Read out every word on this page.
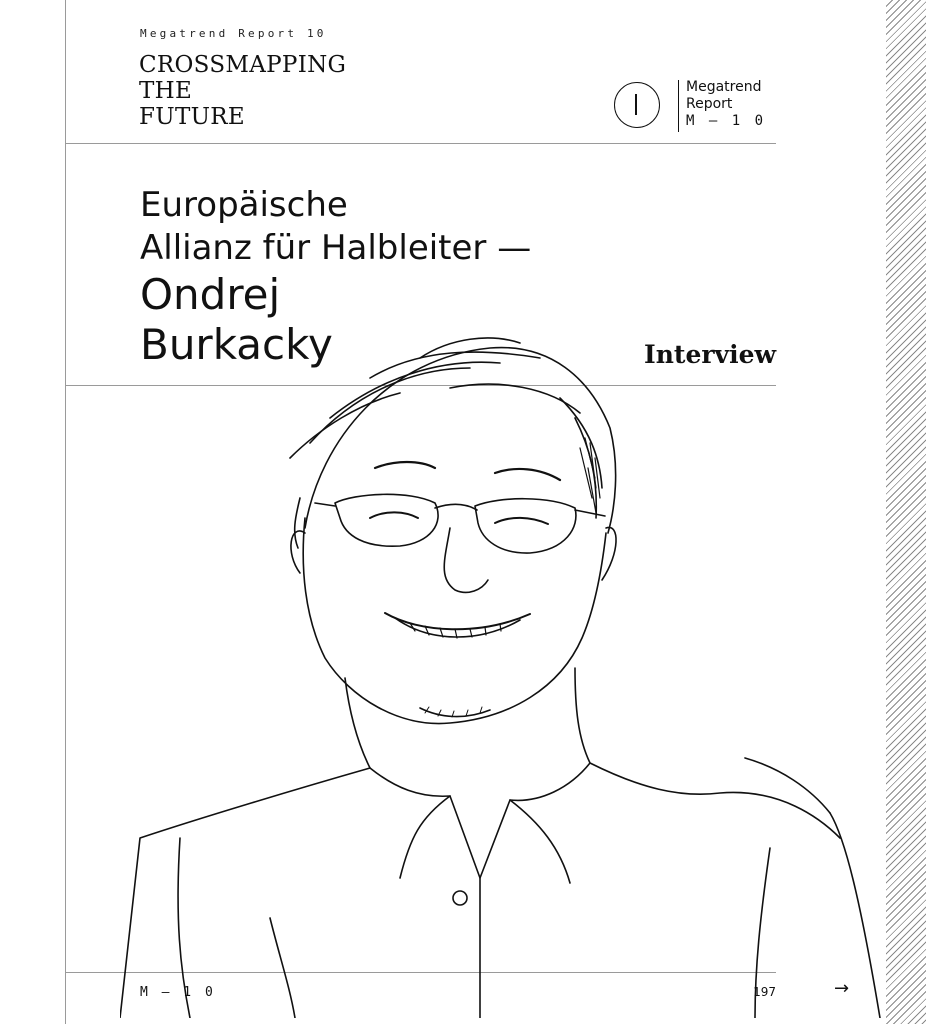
Megatrend Report 10
CROSSMAPPING
THE
FUTURE
Megatrend
Report
M — 1 0
Europäische
Allianz für Halbleiter —
Ondrej
Burkacky	Interview
M — 1 0	197	→
